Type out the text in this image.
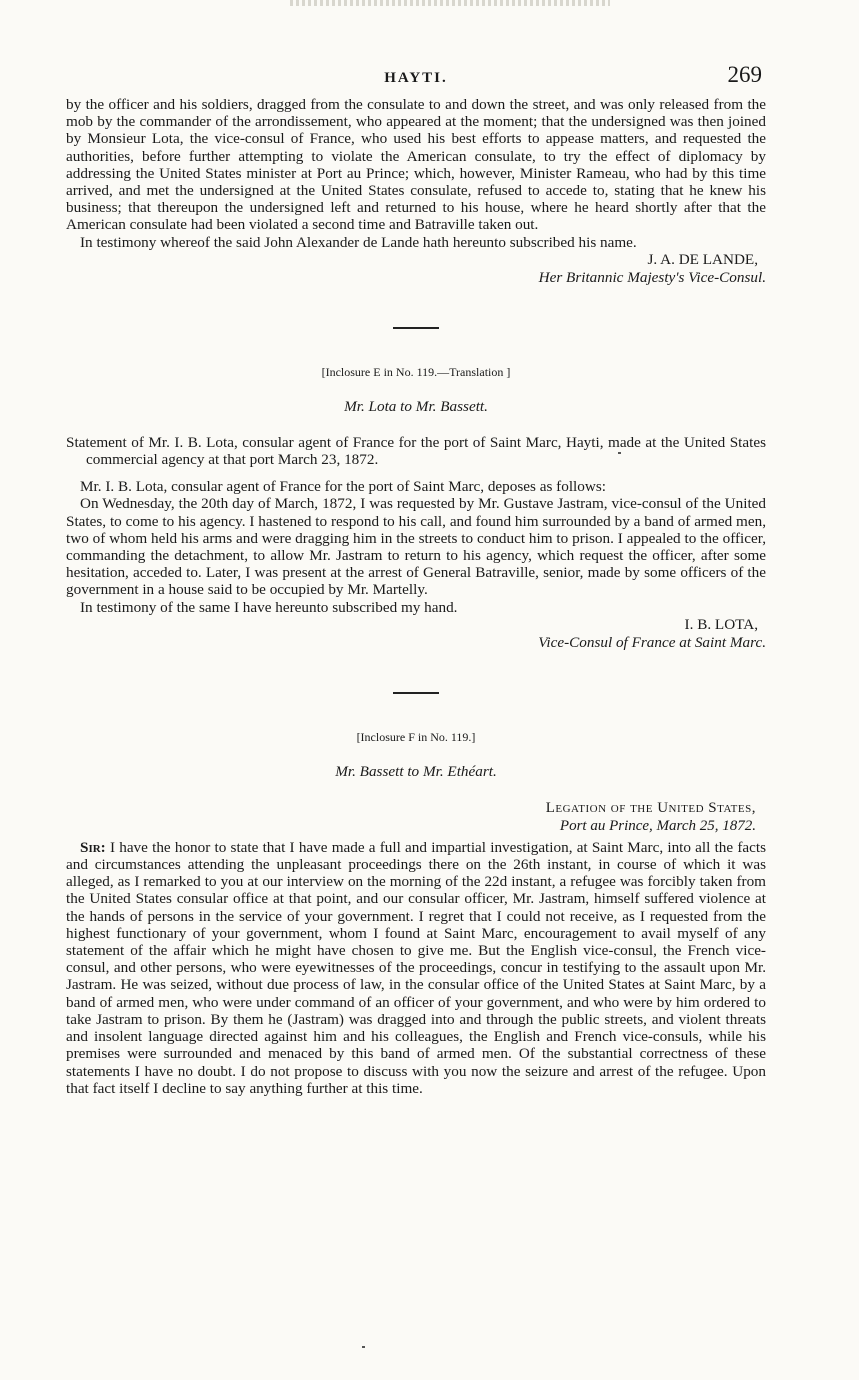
HAYTI.	269

by the officer and his soldiers, dragged from the consulate to and down the street, and was only released from the mob by the commander of the arrondissement, who appeared at the moment; that the undersigned was then joined by Monsieur Lota, the vice-consul of France, who used his best efforts to appease matters, and requested the authorities, before further attempting to violate the American consulate, to try the effect of diplomacy by addressing the United States minister at Port au Prince; which, however, Minister Rameau, who had by this time arrived, and met the undersigned at the United States consulate, refused to accede to, stating that he knew his business; that thereupon the undersigned left and returned to his house, where he heard shortly after that the American consulate had been violated a second time and Batraville taken out.

In testimony whereof the said John Alexander de Lande hath hereunto subscribed his name.

J. A. DE LANDE,
Her Britannic Majesty's Vice-Consul.
[Inclosure E in No. 119.—Translation ]
Mr. Lota to Mr. Bassett.

Statement of Mr. I. B. Lota, consular agent of France for the port of Saint Marc, Hayti, made at the United States commercial agency at that port March 23, 1872.

Mr. I. B. Lota, consular agent of France for the port of Saint Marc, deposes as follows:

On Wednesday, the 20th day of March, 1872, I was requested by Mr. Gustave Jastram, vice-consul of the United States, to come to his agency. I hastened to respond to his call, and found him surrounded by a band of armed men, two of whom held his arms and were dragging him in the streets to conduct him to prison. I appealed to the officer, commanding the detachment, to allow Mr. Jastram to return to his agency, which request the officer, after some hesitation, acceded to. Later, I was present at the arrest of General Batraville, senior, made by some officers of the government in a house said to be occupied by Mr. Martelly.

In testimony of the same I have hereunto subscribed my hand.

I. B. LOTA,
Vice-Consul of France at Saint Marc.
[Inclosure F in No. 119.]
Mr. Bassett to Mr. Ethéart.
Legation of the United States,
Port au Prince, March 25, 1872.

Sir: I have the honor to state that I have made a full and impartial investigation, at Saint Marc, into all the facts and circumstances attending the unpleasant proceedings there on the 26th instant, in course of which it was alleged, as I remarked to you at our interview on the morning of the 22d instant, a refugee was forcibly taken from the United States consular office at that point, and our consular officer, Mr. Jastram, himself suffered violence at the hands of persons in the service of your government. I regret that I could not receive, as I requested from the highest functionary of your government, whom I found at Saint Marc, encouragement to avail myself of any statement of the affair which he might have chosen to give me. But the English vice-consul, the French vice-consul, and other persons, who were eyewitnesses of the proceedings, concur in testifying to the assault upon Mr. Jastram. He was seized, without due process of law, in the consular office of the United States at Saint Marc, by a band of armed men, who were under command of an officer of your government, and who were by him ordered to take Jastram to prison. By them he (Jastram) was dragged into and through the public streets, and violent threats and insolent language directed against him and his colleagues, the English and French vice-consuls, while his premises were surrounded and menaced by this band of armed men. Of the substantial correctness of these statements I have no doubt. I do not propose to discuss with you now the seizure and arrest of the refugee. Upon that fact itself I decline to say anything further at this time.
